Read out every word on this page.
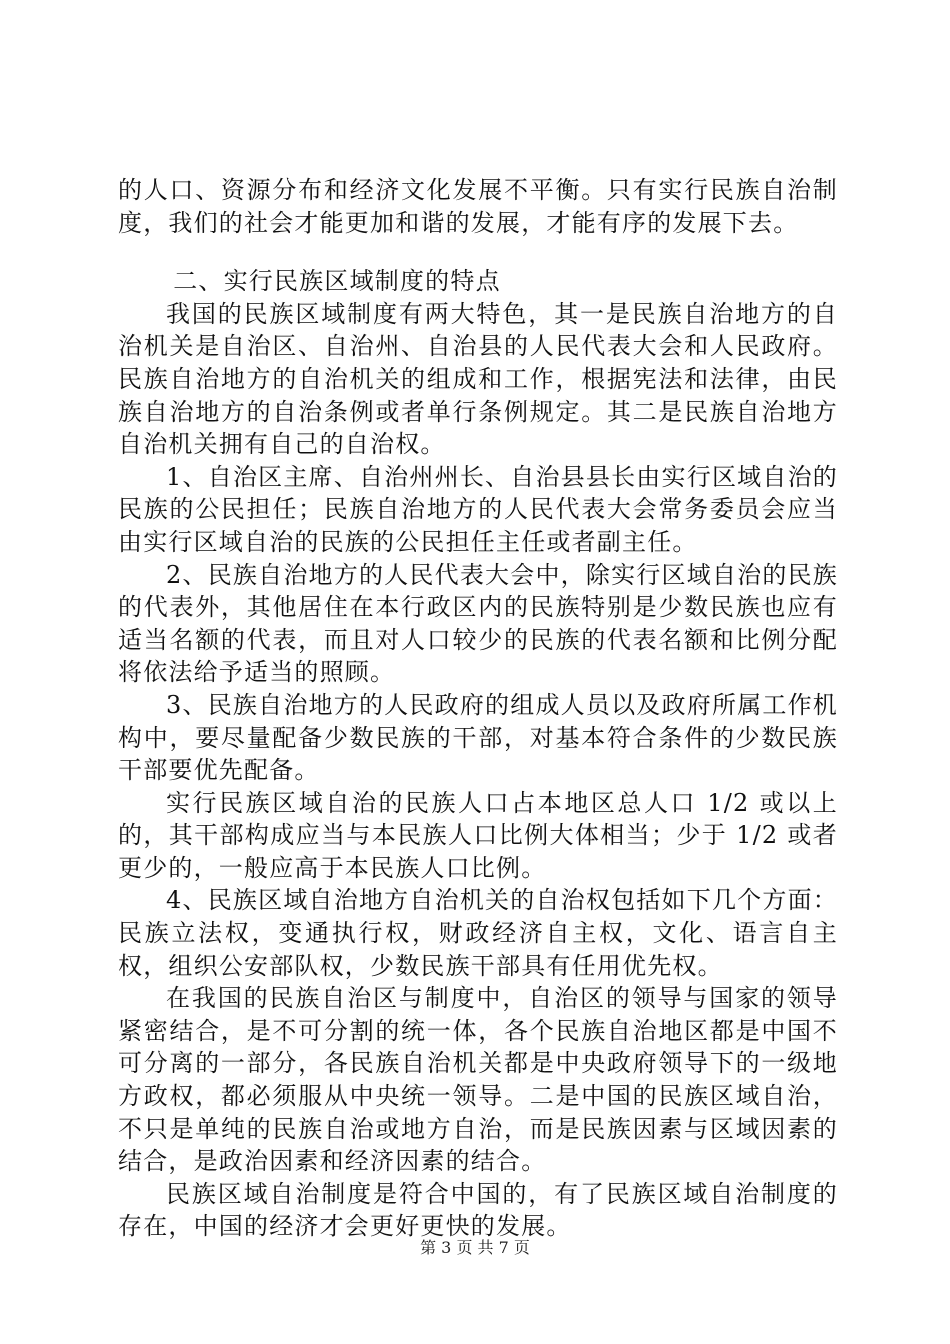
的人口、资源分布和经济文化发展不平衡。只有实行民族自治制度，我们的社会才能更加和谐的发展，才能有序的发展下去。

二、实行民族区域制度的特点

我国的民族区域制度有两大特色，其一是民族自治地方的自治机关是自治区、自治州、自治县的人民代表大会和人民政府。民族自治地方的自治机关的组成和工作，根据宪法和法律，由民族自治地方的自治条例或者单行条例规定。其二是民族自治地方自治机关拥有自己的自治权。

1、自治区主席、自治州州长、自治县县长由实行区域自治的民族的公民担任；民族自治地方的人民代表大会常务委员会应当由实行区域自治的民族的公民担任主任或者副主任。

2、民族自治地方的人民代表大会中，除实行区域自治的民族的代表外，其他居住在本行政区内的民族特别是少数民族也应有适当名额的代表，而且对人口较少的民族的代表名额和比例分配将依法给予适当的照顾。

3、民族自治地方的人民政府的组成人员以及政府所属工作机构中，要尽量配备少数民族的干部，对基本符合条件的少数民族干部要优先配备。

实行民族区域自治的民族人口占本地区总人口 1/2 或以上的，其干部构成应当与本民族人口比例大体相当；少于 1/2 或者更少的，一般应高于本民族人口比例。

4、民族区域自治地方自治机关的自治权包括如下几个方面：民族立法权，变通执行权，财政经济自主权，文化、语言自主权，组织公安部队权，少数民族干部具有任用优先权。

在我国的民族自治区与制度中，自治区的领导与国家的领导紧密结合，是不可分割的统一体，各个民族自治地区都是中国不可分离的一部分，各民族自治机关都是中央政府领导下的一级地方政权，都必须服从中央统一领导。二是中国的民族区域自治，不只是单纯的民族自治或地方自治，而是民族因素与区域因素的结合，是政治因素和经济因素的结合。

民族区域自治制度是符合中国的，有了民族区域自治制度的存在，中国的经济才会更好更快的发展。

第 3 页 共 7 页
